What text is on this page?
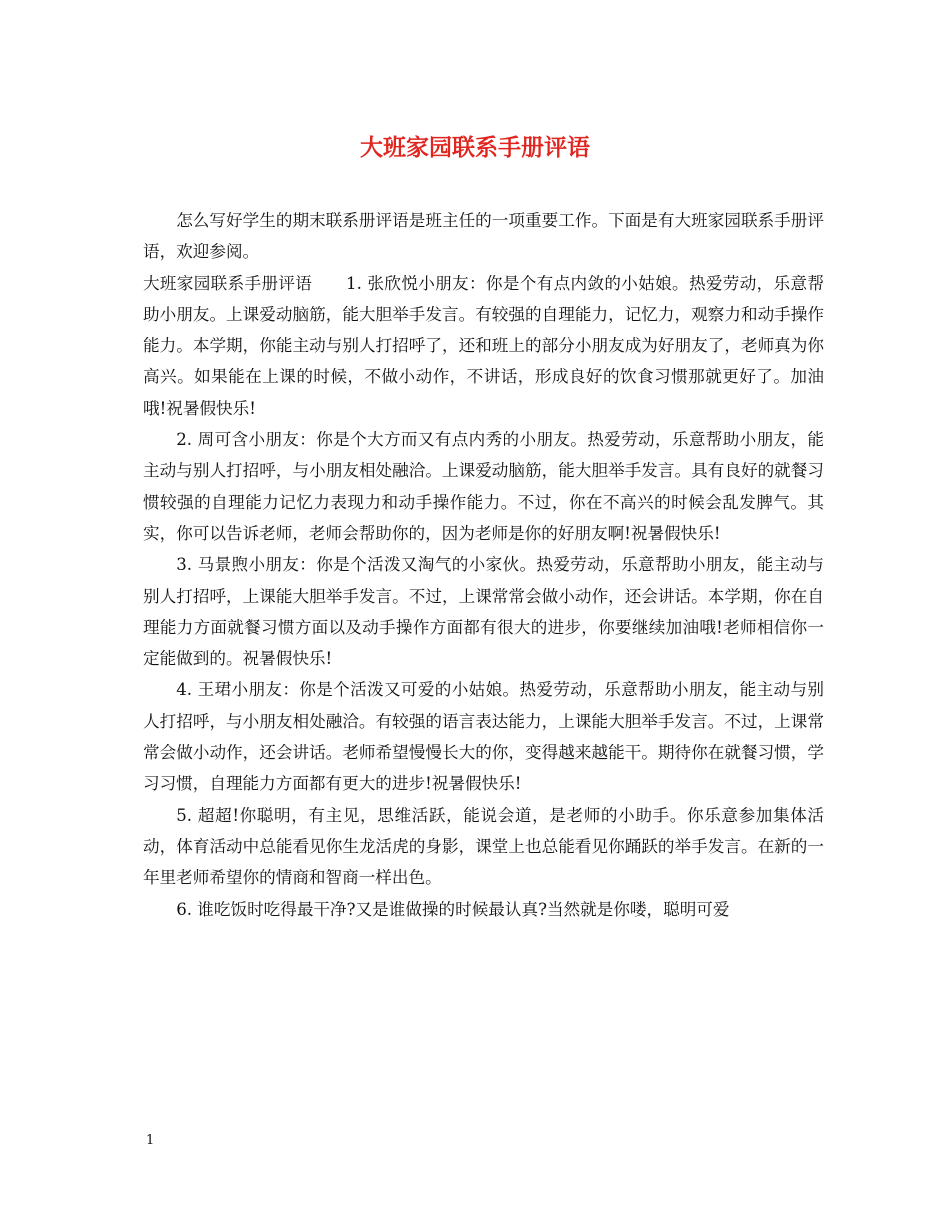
大班家园联系手册评语

怎么写好学生的期末联系册评语是班主任的一项重要工作。下面是有大班家园联系手册评语，欢迎参阅。

大班家园联系手册评语　　1. 张欣悦小朋友：你是个有点内敛的小姑娘。热爱劳动，乐意帮助小朋友。上课爱动脑筋，能大胆举手发言。有较强的自理能力，记忆力，观察力和动手操作能力。本学期，你能主动与别人打招呼了，还和班上的部分小朋友成为好朋友了，老师真为你高兴。如果能在上课的时候，不做小动作，不讲话，形成良好的饮食习惯那就更好了。加油哦!祝暑假快乐!

2. 周可含小朋友：你是个大方而又有点内秀的小朋友。热爱劳动，乐意帮助小朋友，能主动与别人打招呼，与小朋友相处融洽。上课爱动脑筋，能大胆举手发言。具有良好的就餐习惯较强的自理能力记忆力表现力和动手操作能力。不过，你在不高兴的时候会乱发脾气。其实，你可以告诉老师，老师会帮助你的，因为老师是你的好朋友啊!祝暑假快乐!

3. 马景煦小朋友：你是个活泼又淘气的小家伙。热爱劳动，乐意帮助小朋友，能主动与别人打招呼，上课能大胆举手发言。不过，上课常常会做小动作，还会讲话。本学期，你在自理能力方面就餐习惯方面以及动手操作方面都有很大的进步，你要继续加油哦!老师相信你一定能做到的。祝暑假快乐!

4. 王珺小朋友：你是个活泼又可爱的小姑娘。热爱劳动，乐意帮助小朋友，能主动与别人打招呼，与小朋友相处融洽。有较强的语言表达能力，上课能大胆举手发言。不过，上课常常会做小动作，还会讲话。老师希望慢慢长大的你，变得越来越能干。期待你在就餐习惯，学习习惯，自理能力方面都有更大的进步!祝暑假快乐!

5. 超超!你聪明，有主见，思维活跃，能说会道，是老师的小助手。你乐意参加集体活动，体育活动中总能看见你生龙活虎的身影，课堂上也总能看见你踊跃的举手发言。在新的一年里老师希望你的情商和智商一样出色。

6. 谁吃饭时吃得最干净?又是谁做操的时候最认真?当然就是你喽，聪明可爱

1
